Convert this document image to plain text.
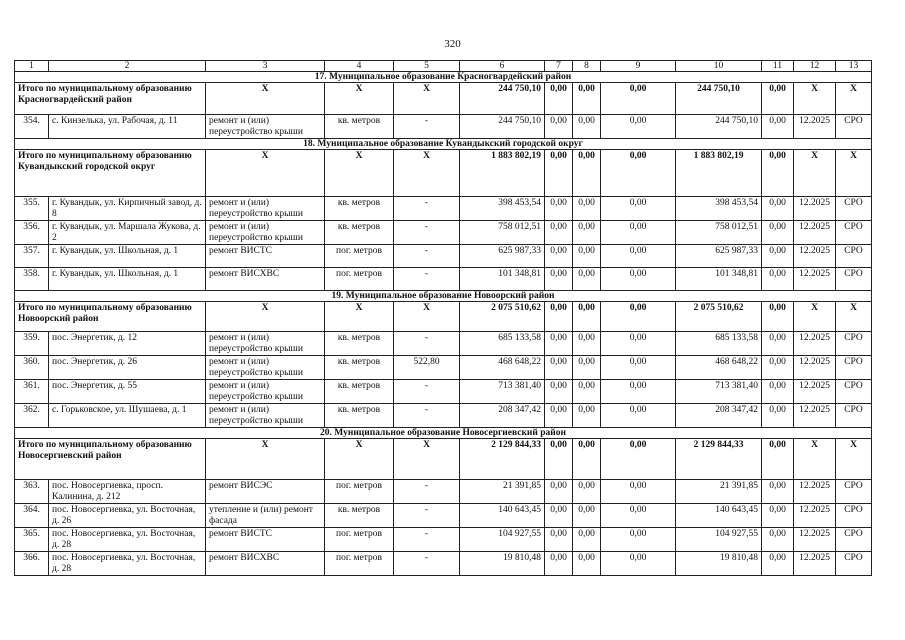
320
1	2	3	4	5	6	7	8	9	10	11	12	13
17. Муниципальное образование Красногвардейский район												
Итого по муниципальному образованию Красногвардейский район		X	X	X	244 750,10	0,00	0,00	0,00	244 750,10	0,00	X	X
354.	с. Кинзелька, ул. Рабочая, д. 11	ремонт и (или) переустройство крыши	кв. метров	-	244 750,10	0,00	0,00	0,00	244 750,10	0,00	12.2025	СРО
18. Муниципальное образование Кувандыкский городской округ												
Итого по муниципальному образованию Кувандыкский городской округ		X	X	X	1 883 802,19	0,00	0,00	0,00	1 883 802,19	0,00	X	X
355.	г. Кувандык, ул. Кирпичный завод, д. 8	ремонт и (или) переустройство крыши	кв. метров	-	398 453,54	0,00	0,00	0,00	398 453,54	0,00	12.2025	СРО
356.	г. Кувандык, ул. Маршала Жукова, д. 2	ремонт и (или) переустройство крыши	кв. метров	-	758 012,51	0,00	0,00	0,00	758 012,51	0,00	12.2025	СРО
357.	г. Кувандык, ул. Школьная, д. 1	ремонт ВИСТС	пог. метров	-	625 987,33	0,00	0,00	0,00	625 987,33	0,00	12.2025	СРО
358.	г. Кувандык, ул. Школьная, д. 1	ремонт ВИСХВС	пог. метров	-	101 348,81	0,00	0,00	0,00	101 348,81	0,00	12.2025	СРО
19. Муниципальное образование Новоорский район												
Итого по муниципальному образованию Новоорский район		X	X	X	2 075 510,62	0,00	0,00	0,00	2 075 510,62	0,00	X	X
359.	пос. Энергетик, д. 12	ремонт и (или) переустройство крыши	кв. метров	-	685 133,58	0,00	0,00	0,00	685 133,58	0,00	12.2025	СРО
360.	пос. Энергетик, д. 26	ремонт и (или) переустройство крыши	кв. метров	522,80	468 648,22	0,00	0,00	0,00	468 648,22	0,00	12.2025	СРО
361.	пос. Энергетик, д. 55	ремонт и (или) переустройство крыши	кв. метров	-	713 381,40	0,00	0,00	0,00	713 381,40	0,00	12.2025	СРО
362.	с. Горьковское, ул. Шушаева, д. 1	ремонт и (или) переустройство крыши	кв. метров	-	208 347,42	0,00	0,00	0,00	208 347,42	0,00	12.2025	СРО
20. Муниципальное образование Новосергиевский район												
Итого по муниципальному образованию Новосергиевский район		X	X	X	2 129 844,33	0,00	0,00	0,00	2 129 844,33	0,00	X	X
363.	пос. Новосергиевка, просп. Калинина, д. 212	ремонт ВИСЭС	пог. метров	-	21 391,85	0,00	0,00	0,00	21 391,85	0,00	12.2025	СРО
364.	пос. Новосергиевка, ул. Восточная, д. 26	утепление и (или) ремонт фасада	кв. метров	-	140 643,45	0,00	0,00	0,00	140 643,45	0,00	12.2025	СРО
365.	пос. Новосергиевка, ул. Восточная, д. 28	ремонт ВИСТС	пог. метров	-	104 927,55	0,00	0,00	0,00	104 927,55	0,00	12.2025	СРО
366.	пос. Новосергиевка, ул. Восточная, д. 28	ремонт ВИСХВС	пог. метров	-	19 810,48	0,00	0,00	0,00	19 810,48	0,00	12.2025	СРО
